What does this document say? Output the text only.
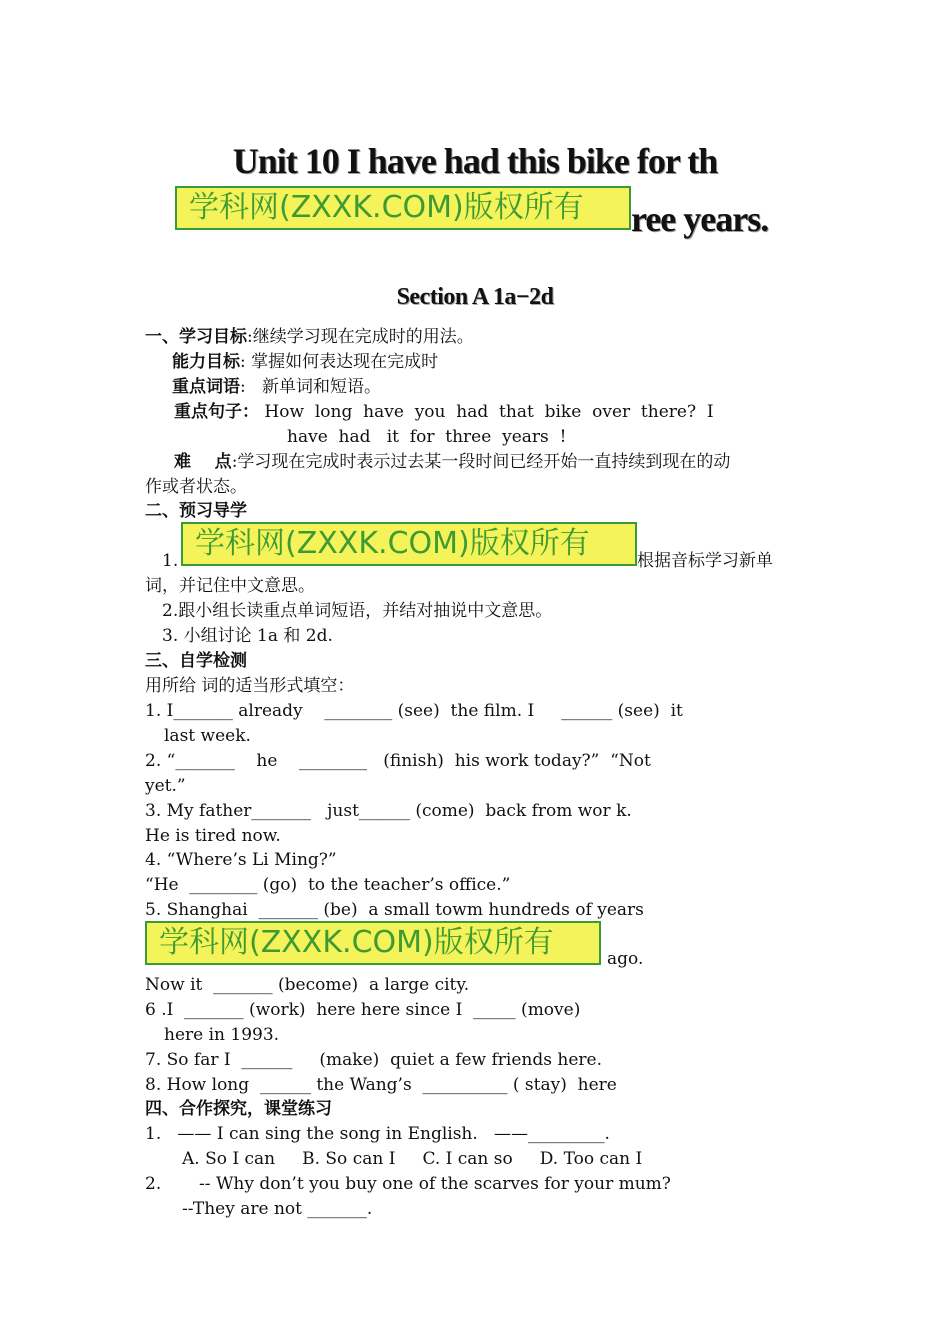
Unit 10 I have had this bike for th
学科网(ZXXK.COM)版权所有	ree years.
Section A 1a−2d
一、学习目标:继续学习现在完成时的用法。
能力目标: 掌握如何表达现在完成时
重点词语:   新单词和短语。
重点句子： How  long  have  you  had  that  bike  over  there?  I
have  had   it  for  three  years  !
难    点:学习现在完成时表示过去某一段时间已经开始一直持续到现在的动
作或者状态。
二、预习导学
1. 学科网(ZXXK.COM)版权所有	根据音标学习新单
词，并记住中文意思。
2.跟小组长读重点单词短语，并结对抽说中文意思。
3. 小组讨论 1a 和 2d.
三、自学检测
用所给 词的适当形式填空：
1. I_______ already    ________ (see)  the film. I     ______ (see)  it
last week.
2. “_______    he    ________   (finish)  his work today?”  “Not
yet.”
3. My father_______   just______ (come)  back from wor k.
He is tired now.
4. “Where’s Li Ming?”
“He  ________ (go)  to the teacher’s office.”
5. Shanghai  _______ (be)  a small towm hundreds of years
学科网(ZXXK.COM)版权所有	ago.
Now it  _______ (become)  a large city.
6 .I  _______ (work)  here here since I  _____ (move)
here in 1993.
7. So far I  ______     (make)  quiet a few friends here.
8. How long  ______ the Wang’s  __________ ( stay)  here
四、合作探究，课堂练习
1.   —— I can sing the song in English.   ——_________.
A. So I can     B. So can I     C. I can so     D. Too can I
2.       -- Why don’t you buy one of the scarves for your mum?
--They are not _______.
